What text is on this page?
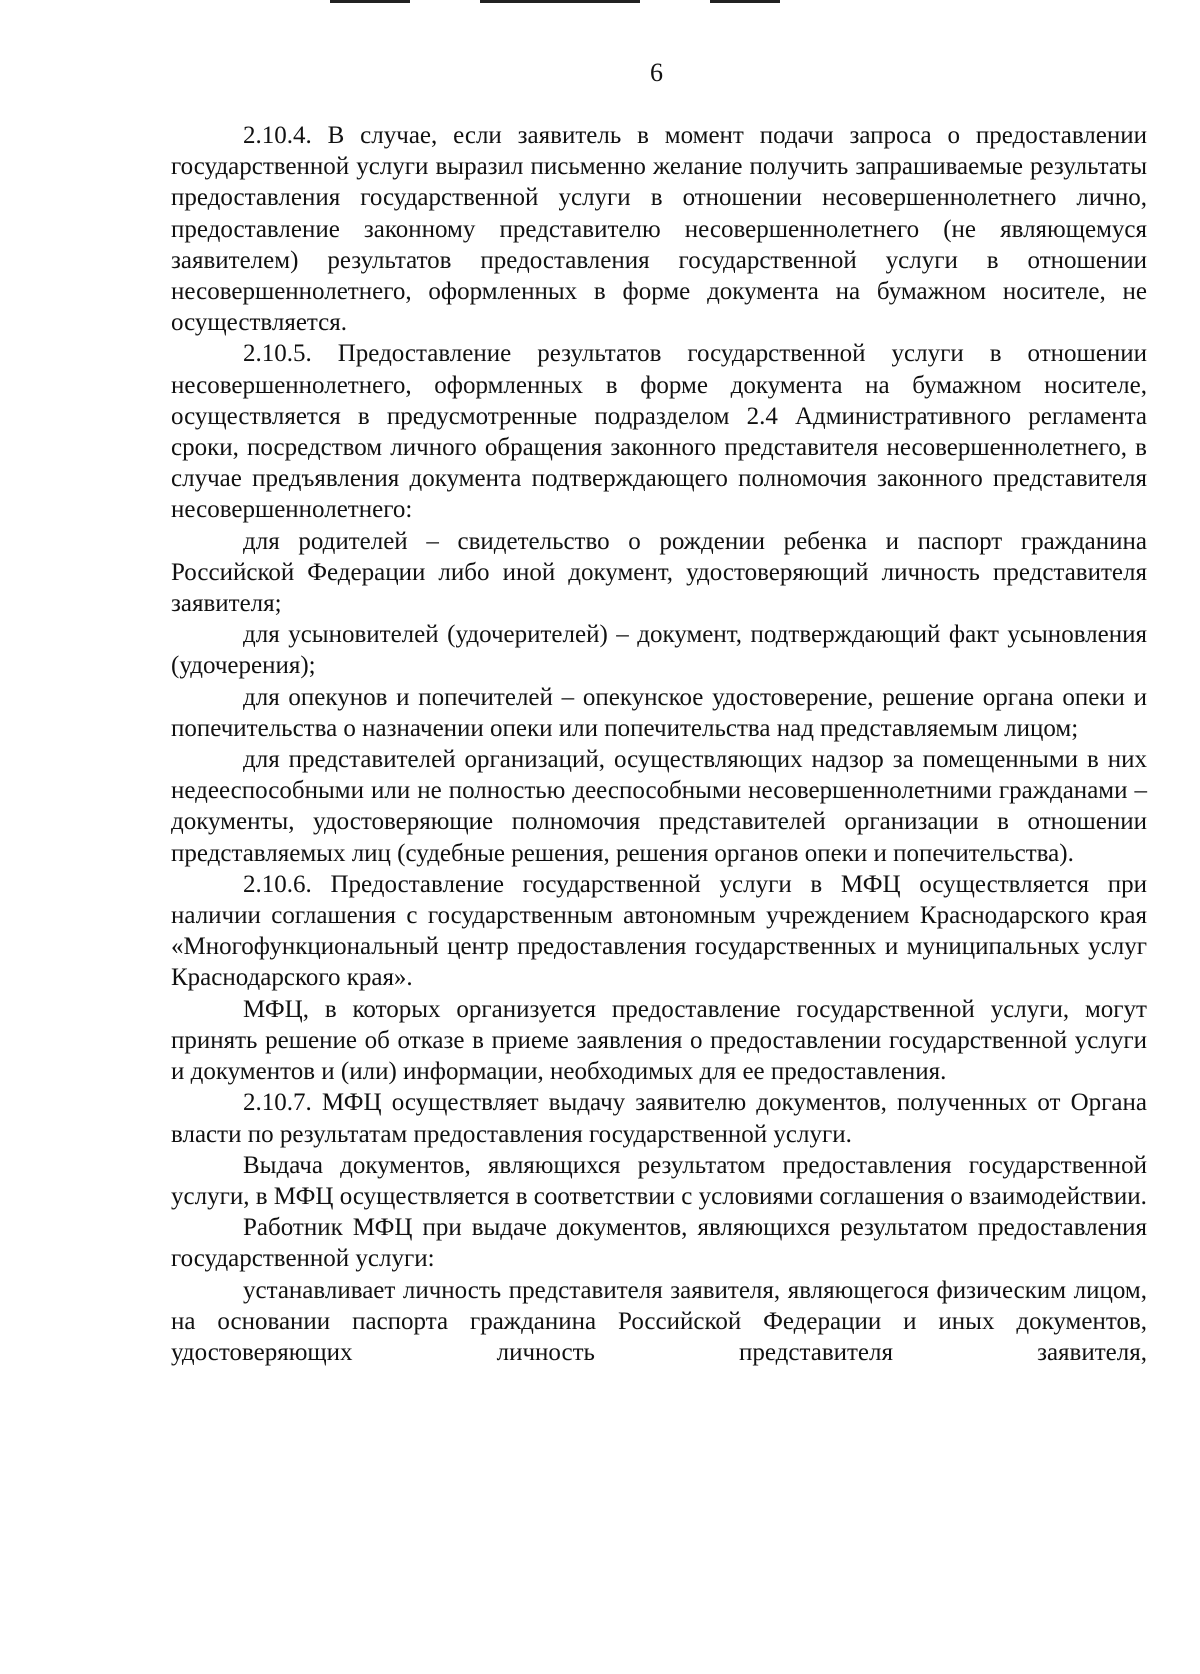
6

2.10.4. В случае, если заявитель в момент подачи запроса о предоставлении государственной услуги выразил письменно желание получить запрашиваемые результаты предоставления государственной услуги в отношении несовершеннолетнего лично, предоставление законному представителю несовершеннолетнего (не являющемуся заявителем) результатов предоставления государственной услуги в отношении несовершеннолетнего, оформленных в форме документа на бумажном носителе, не осуществляется.

2.10.5. Предоставление результатов государственной услуги в отношении несовершеннолетнего, оформленных в форме документа на бумажном носителе, осуществляется в предусмотренные подразделом 2.4 Административного регламента сроки, посредством личного обращения законного представителя несовершеннолетнего, в случае предъявления документа подтверждающего полномочия законного представителя несовершеннолетнего:

для родителей – свидетельство о рождении ребенка и паспорт гражданина Российской Федерации либо иной документ, удостоверяющий личность представителя заявителя;

для усыновителей (удочерителей) – документ, подтверждающий факт усыновления (удочерения);

для опекунов и попечителей – опекунское удостоверение, решение органа опеки и попечительства о назначении опеки или попечительства над представляемым лицом;

для представителей организаций, осуществляющих надзор за помещенными в них недееспособными или не полностью дееспособными несовершеннолетними гражданами – документы, удостоверяющие полномочия представителей организации в отношении представляемых лиц (судебные решения, решения органов опеки и попечительства).

2.10.6. Предоставление государственной услуги в МФЦ осуществляется при наличии соглашения с государственным автономным учреждением Краснодарского края «Многофункциональный центр предоставления государственных и муниципальных услуг Краснодарского края».

МФЦ, в которых организуется предоставление государственной услуги, могут принять решение об отказе в приеме заявления о предоставлении государственной услуги и документов и (или) информации, необходимых для ее предоставления.

2.10.7. МФЦ осуществляет выдачу заявителю документов, полученных от Органа власти по результатам предоставления государственной услуги.

Выдача документов, являющихся результатом предоставления государственной услуги, в МФЦ осуществляется в соответствии с условиями соглашения о взаимодействии.

Работник МФЦ при выдаче документов, являющихся результатом предоставления государственной услуги:

устанавливает личность представителя заявителя, являющегося физическим лицом, на основании паспорта гражданина Российской Федерации и иных документов, удостоверяющих личность представителя заявителя,
